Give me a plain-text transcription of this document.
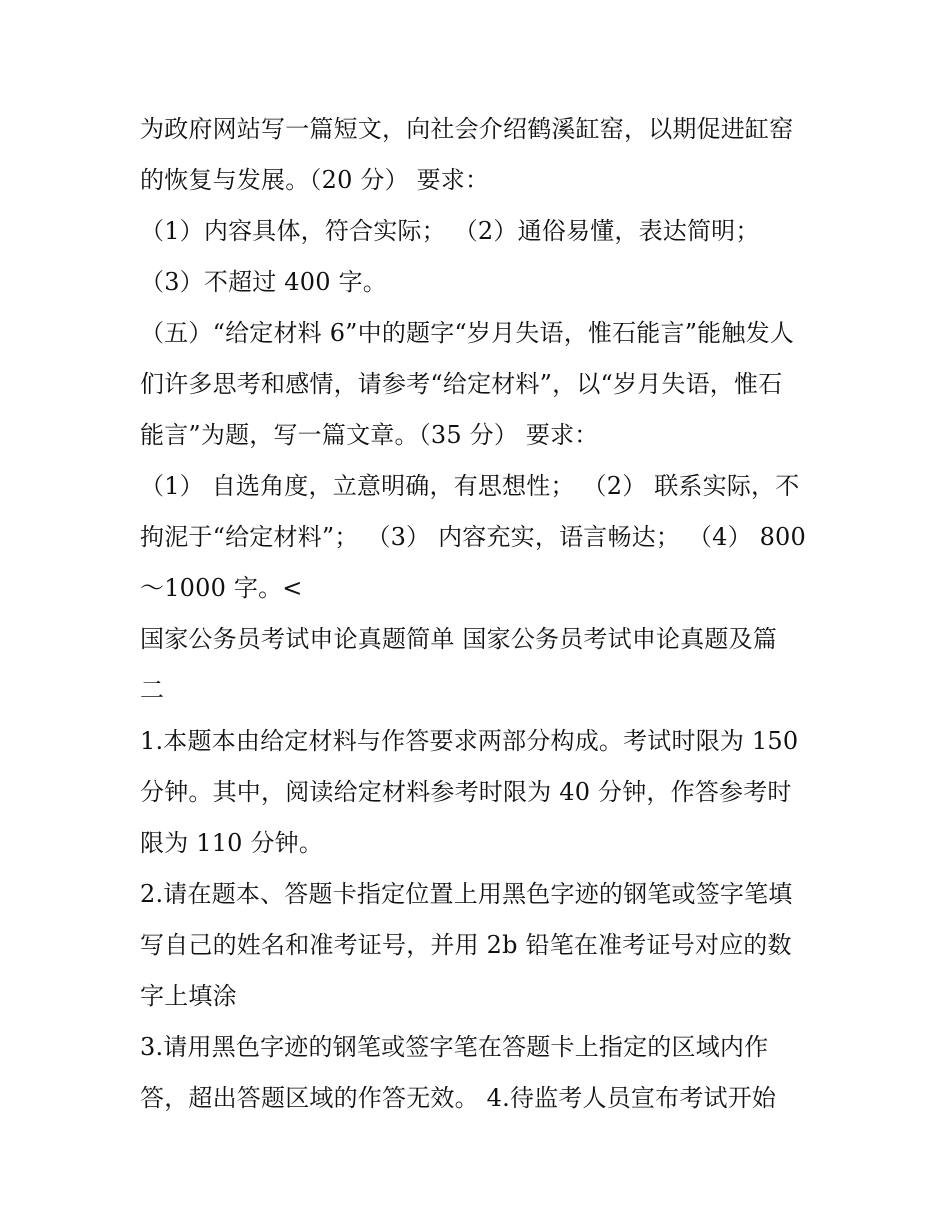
为政府网站写一篇短文，向社会介绍鹤溪缸窑，以期促进缸窑
的恢复与发展。（20 分） 要求：
（1）内容具体，符合实际； （2）通俗易懂，表达简明；
（3）不超过 400 字。
（五）“给定材料 6”中的题字“岁月失语，惟石能言”能触发人
们许多思考和感情，请参考“给定材料”，以“岁月失语，惟石
能言”为题，写一篇文章。（35 分） 要求：
（1） 自选角度，立意明确，有思想性； （2） 联系实际，不
拘泥于“给定材料”； （3） 内容充实，语言畅达； （4） 800
～1000 字。<
国家公务员考试申论真题简单 国家公务员考试申论真题及篇
二
1.本题本由给定材料与作答要求两部分构成。考试时限为 150
分钟。其中，阅读给定材料参考时限为 40 分钟，作答参考时
限为 110 分钟。
2.请在题本、答题卡指定位置上用黑色字迹的钢笔或签字笔填
写自己的姓名和准考证号，并用 2b 铅笔在准考证号对应的数
字上填涂
3.请用黑色字迹的钢笔或签字笔在答题卡上指定的区域内作
答，超出答题区域的作答无效。 4.待监考人员宣布考试开始
